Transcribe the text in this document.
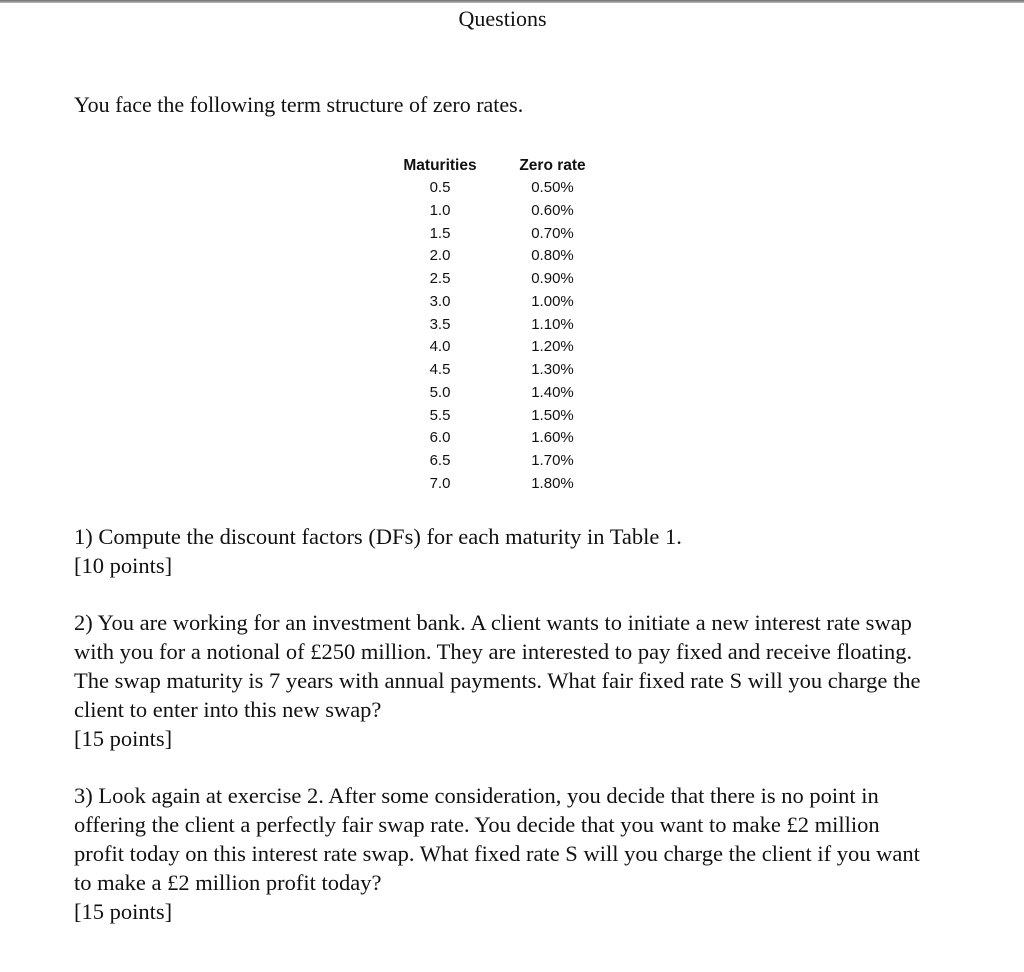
Questions
You face the following term structure of zero rates.
Maturities	Zero rate
0.5	0.50%
1.0	0.60%
1.5	0.70%
2.0	0.80%
2.5	0.90%
3.0	1.00%
3.5	1.10%
4.0	1.20%
4.5	1.30%
5.0	1.40%
5.5	1.50%
6.0	1.60%
6.5	1.70%
7.0	1.80%

1) Compute the discount factors (DFs) for each maturity in Table 1.

[10 points]

2) You are working for an investment bank. A client wants to initiate a new interest rate swap with you for a notional of £250 million. They are interested to pay fixed and receive floating. The swap maturity is 7 years with annual payments. What fair fixed rate S will you charge the client to enter into this new swap?

[15 points]

3) Look again at exercise 2. After some consideration, you decide that there is no point in offering the client a perfectly fair swap rate. You decide that you want to make £2 million profit today on this interest rate swap. What fixed rate S will you charge the client if you want to make a £2 million profit today?

[15 points]
